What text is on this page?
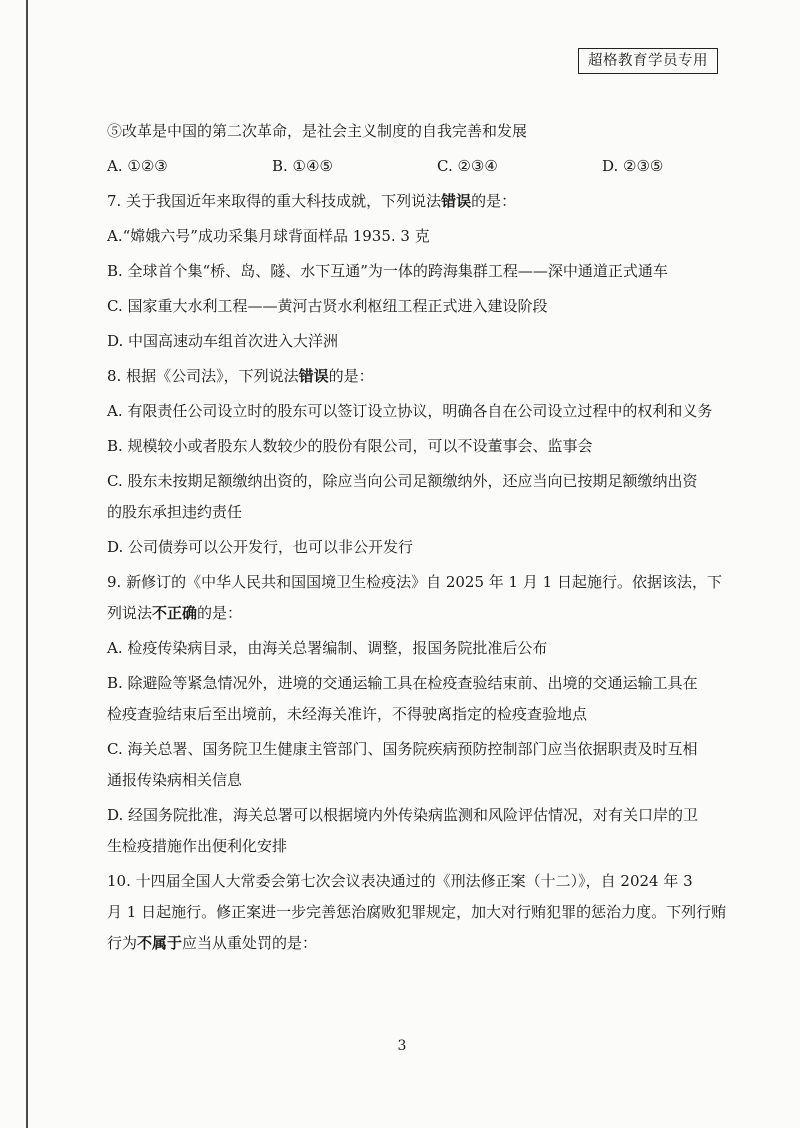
超格教育学员专用
⑤改革是中国的第二次革命，是社会主义制度的自我完善和发展
A. ①②③	B. ①④⑤	C. ②③④	D. ②③⑤
7. 关于我国近年来取得的重大科技成就，下列说法错误的是：
A.“嫦娥六号”成功采集月球背面样品 1935. 3 克
B. 全球首个集“桥、岛、隧、水下互通”为一体的跨海集群工程——深中通道正式通车
C. 国家重大水利工程——黄河古贤水利枢纽工程正式进入建设阶段
D. 中国高速动车组首次进入大洋洲
8. 根据《公司法》，下列说法错误的是：
A. 有限责任公司设立时的股东可以签订设立协议，明确各自在公司设立过程中的权利和义务
B. 规模较小或者股东人数较少的股份有限公司，可以不设董事会、监事会
C. 股东未按期足额缴纳出资的，除应当向公司足额缴纳外，还应当向已按期足额缴纳出资
的股东承担违约责任
D. 公司债券可以公开发行，也可以非公开发行
9. 新修订的《中华人民共和国国境卫生检疫法》自 2025 年 1 月 1 日起施行。依据该法，下
列说法不正确的是：
A. 检疫传染病目录，由海关总署编制、调整，报国务院批准后公布
B. 除避险等紧急情况外，进境的交通运输工具在检疫查验结束前、出境的交通运输工具在
检疫查验结束后至出境前，未经海关准许，不得驶离指定的检疫查验地点
C. 海关总署、国务院卫生健康主管部门、国务院疾病预防控制部门应当依据职责及时互相
通报传染病相关信息
D. 经国务院批准，海关总署可以根据境内外传染病监测和风险评估情况，对有关口岸的卫
生检疫措施作出便利化安排
10. 十四届全国人大常委会第七次会议表决通过的《刑法修正案（十二）》，自 2024 年 3
月 1 日起施行。修正案进一步完善惩治腐败犯罪规定，加大对行贿犯罪的惩治力度。下列行贿
行为不属于应当从重处罚的是：
3
